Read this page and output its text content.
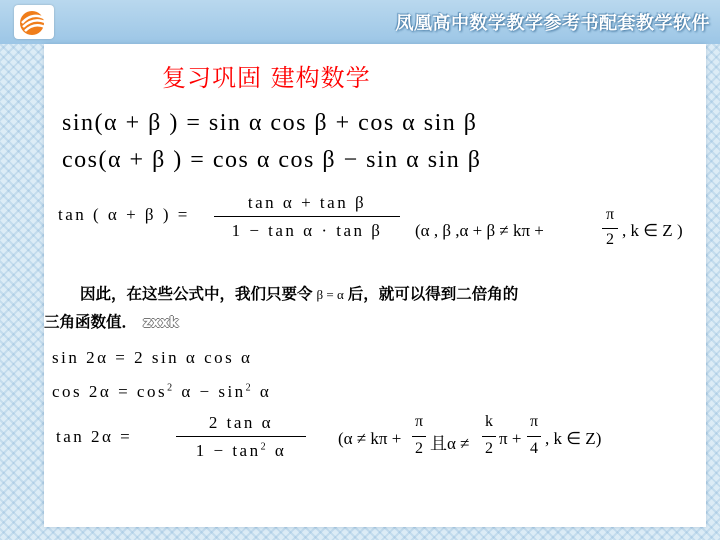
凤凰高中数学教学参考书配套教学软件
复习巩固 建构数学
sin(α + β ) = sin α cos β + cos α sin β
cos(α + β ) = cos α cos β − sin α sin β
tan ( α + β ) =
tan α + tan β
1 − tan α · tan β	(α , β ,α + β ≠ kπ +
π
2 , k ∈ Z )
因此，在这些公式中，我们只要令 β = α 后，就可以得到二倍角的
三角函数值． zxxk
sin 2α = 2 sin α cos α
$\cos 2\alpha = \cos^2 \alpha - \sin^2 \alpha$
tan 2α =
2 tan α
$1 - \tan^2 \alpha$
(α ≠ kπ +
π
2 且α ≠
k
2
π +
π
4
, k ∈ Z)
